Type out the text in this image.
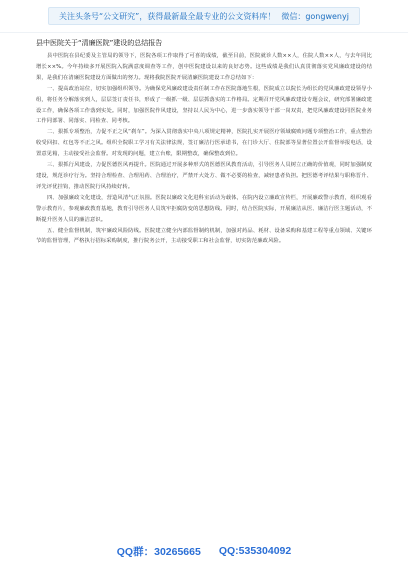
关注头条号“公文研究”，获得最新最全最专业的公文资料库！ 微信：gongwenyj
县中医院关于“清廉医院”建设的总结报告

县中医院在县纪委及主管局的领导下，医院各项工作取得了可喜的成绩，截至目前，医院就诊人数××人，住院人数××人，与去年同比增长××%。今年持续多开展医院入院满意度调查等工作，创中医院建设以来的良好态势。这些成绩是我们认真贯彻落实党风廉政建设的结果，是我们在清廉医院建设方面做出的努力。现将我院医院开展清廉医院建设工作总结如下：

一、提高政治站位，切实加强组织领导。为确保党风廉政建设责任制工作在医院落地生根，医院成立以院长为组长的党风廉政建设领导小组，将任务分解落实到人，层层签订责任书，形成了一级抓一级、层层抓落实的工作格局。定期召开党风廉政建设专题会议，研究部署廉政建设工作，确保各项工作落到实处。同时，加强医院作风建设，坚持以人民为中心，进一步落实领导干部一岗双责，把党风廉政建设同医院业务工作同部署、同落实、同检查、同考核。

二、狠抓专项整治，力促不正之风“刹车”。为深入贯彻落实中央八项规定精神，医院扎实开展医疗领域腐败问题专项整治工作，重点整治收受回扣、红包等不正之风。组织全院职工学习有关法律法规，签订廉洁行医承诺书，在门诊大厅、住院部等显著位置公开监督举报电话，设置意见箱，主动接受社会监督。对发现的问题，建立台账，限期整改，确保整改到位。

三、狠抓行风建设，力促医德医风再提升。医院通过开展多种形式的医德医风教育活动，引导医务人员树立正确的价值观，同时加强制度建设，规范诊疗行为。坚持合理检查、合理用药、合理治疗，严禁开大处方、做不必要的检查，减轻患者负担。把医德考评结果与职称晋升、评先评优挂钩，推动医院行风持续好转。

四、加强廉政文化建设，营造风清气正氛围。医院以廉政文化进科室活动为载体，在院内设立廉政宣传栏，开展廉政警示教育，组织观看警示教育片，参观廉政教育基地，教育引导医务人员筑牢拒腐防变的思想防线。同时，结合医院实际，开展廉洁从医、廉洁行医主题活动，不断提升医务人员的廉洁意识。

五、健全监督机制，筑牢廉政风险防线。医院建立健全内部监督制约机制，加强对药品、耗材、设备采购和基建工程等重点领域、关键环节的监督管理，严格执行招标采购制度，推行院务公开，主动接受职工和社会监督，切实防范廉政风险。

QQ群：30265665 QQ:535304092
